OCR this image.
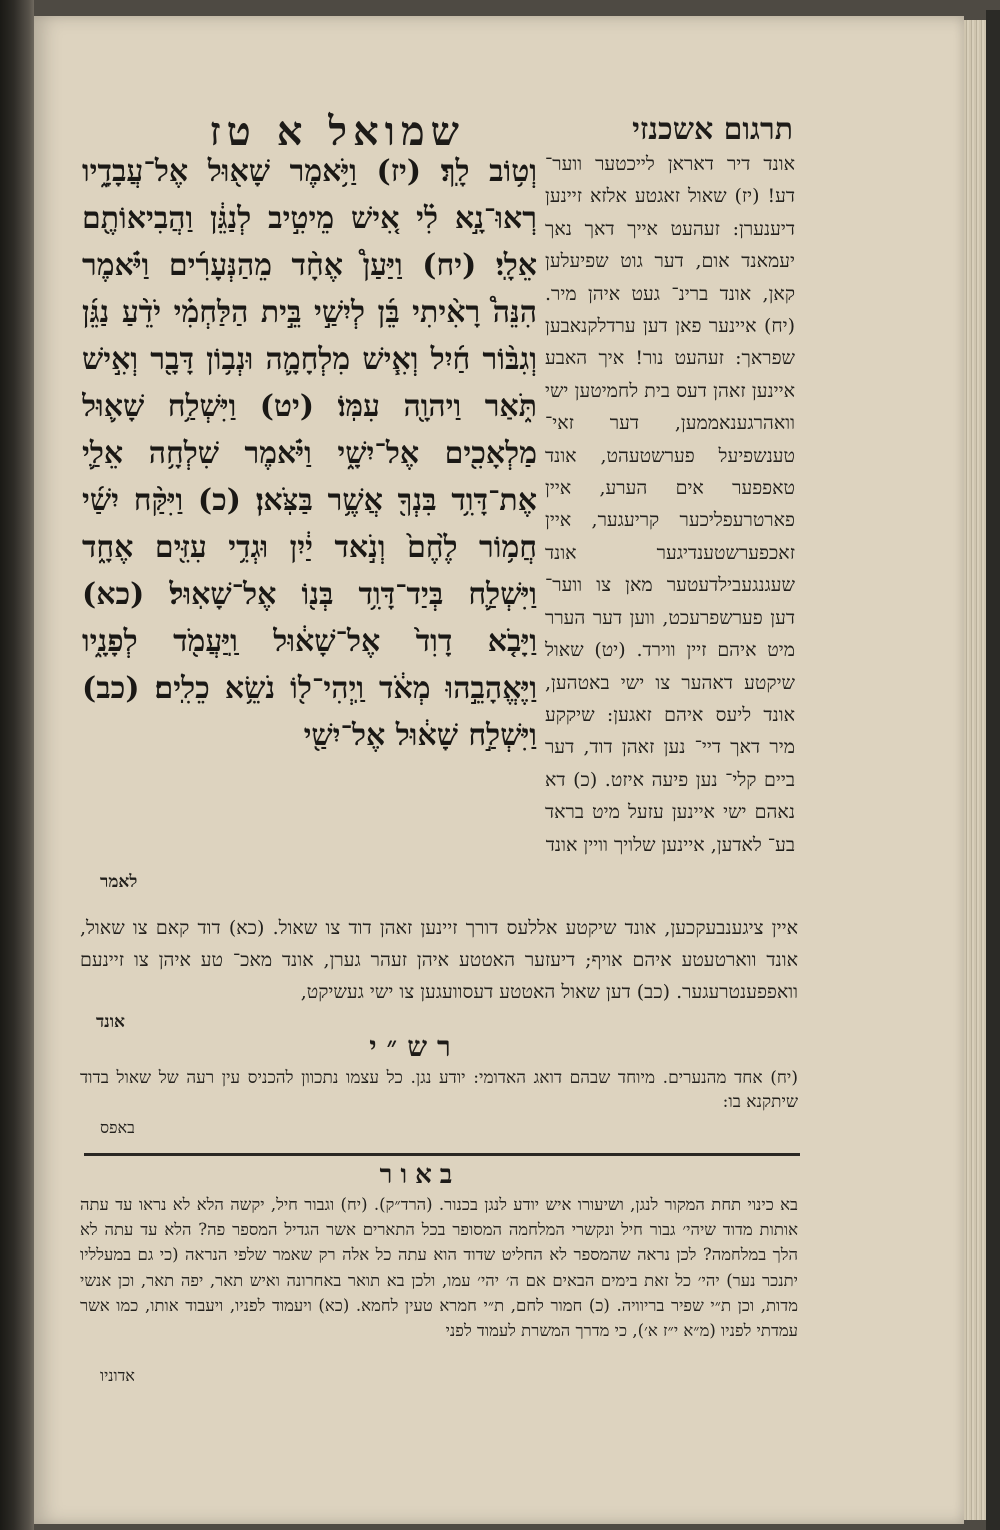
תרגום אשכנזי
שמואל א טז

אונד דיר דאראן לייכטער ווער־ דע! (יז) שאול זאגטע אלזא זיינען דיענערן: זעהעט אייך דאך נאך יעמאנד אום, דער גוט שפיעלען קאן, אונד ברינ־ געט איהן מיר. (יח) איינער פאן דען ערדלקנאבען שפראך: זעהעט נור! איך האבע איינען זאהן דעס בית לחמיטען ישי וואהרגענאממען, דער זאי־ טענשפיעל פערשטעהט, אונד טאפפער אים הערע, איין פארטרעפליכער קריעגער, איין זאכפערשטענדיגער אונד שעגנגעבילדעטער מאן צו ווער־ דען פערשפרעכט, ווען דער הערר מיט איהם זיין ווירד. (יט) שאול שיקטע דאהער צו ישי באטהען, אונד ליעס איהם זאגען: שיקקע מיר דאך דיי־ נען זאהן דוד, דער ביים קלי־ נען פיעה איזט. (כ) דא נאהם ישי איינען עזעל מיט בראד בע־ לאדען, איינען שלויך וויין אונד

וְט֥וֹב לָֽךְ׃ (יז) וַיֹּ֥אמֶר שָׁא֖וּל אֶל־עֲבָדָ֑יו רְאוּ־נָ֣א לִ֗י אִ֚ישׁ מֵיטִ֣יב לְנַגֵּ֔ן וַהֲבִיאוֹתֶ֖ם אֵלָֽי׃ (יח) וַיַּעַן֩ אֶחָ֨ד מֵהַנְּעָרִ֜ים וַיֹּ֗אמֶר הִנֵּה֩ רָאִ֨יתִי בֵּ֜ן לְיִשַׁ֣י בֵּ֣ית הַלַּחְמִ֗י יֹדֵ֨עַ נַגֵּ֜ן וְגִבּ֨וֹר חַ֜יִל וְאִ֧ישׁ מִלְחָמָ֛ה וּנְב֥וֹן דָּבָ֖ר וְאִ֣ישׁ תֹּ֑אַר וַיהוָ֖ה עִמּֽוֹ׃ (יט) וַיִּשְׁלַ֥ח שָׁא֛וּל מַלְאָכִ֖ים אֶל־יִשָׁ֑י וַיֹּ֗אמֶר שִׁלְחָ֥ה אֵלַ֛י אֶת־דָּוִ֥ד בִּנְךָ֖ אֲשֶׁ֥ר בַּצֹּֽאן׃ (כ) וַיִּקַּ֨ח יִשַׁ֜י חֲמ֥וֹר לֶ֙חֶם֙ וְנֹ֣אד יַ֔יִן וּגְדִ֥י עִזִּ֖ים אֶחָ֑ד וַיִּשְׁלַ֛ח בְּיַד־דָּוִ֥ד בְּנ֖וֹ אֶל־שָׁאֽוּל׃ (כא) וַיָּבֹ֤א דָוִד֙ אֶל־שָׁא֔וּל וַֽיַּעֲמֹ֖ד לְפָנָ֑יו וַיֶּאֱהָבֵ֣הוּ מְאֹ֔ד וַֽיְהִי־ל֖וֹ נֹשֵׂ֥א כֵלִֽים׃ (כב) וַיִּשְׁלַ֣ח שָׁא֔וּל אֶל־יִשַׁ֖י

לאמר

איין ציגענבעקכען, אונד שיקטע אללעס דורך זיינען זאהן דוד צו שאול. (כא) דוד קאם צו שאול, אונד ווארטעטע איהם אויף; דיעזער האטטע איהן זעהר גערן, אונד מאכ־ טע איהן צו זיינעם וואפפענטרעגער. (כב) דען שאול האטטע דעסוועגען צו ישי געשיקט,

אונד

רש״י

(יח) אחד מהנערים. מיוחד שבהם דואג האדומי: יודע נגן. כל עצמו נתכוון להכניס עין רעה של שאול בדוד שיתקנא בו:

באפס

באור

בא כינוי תחת המקור לנגן, ושיעורו איש יודע לנגן בכנור. (הרד״ק). (יח) וגבור חיל, יקשה הלא לא נראו עד עתה אותות מדוד שיהי׳ גבור חיל ונקשרי המלחמה המסופר בכל התארים אשר הגדיל המספר פה? הלא עד עתה לא הלך במלחמה? לכן נראה שהמספר לא החליט שדוד הוא עתה כל אלה רק שאמר שלפי הנראה (כי גם במעלליו יתנכר נער) יהי׳ כל זאת בימים הבאים אם ה׳ יהי׳ עמו, ולכן בא תואר באחרונה ואיש תאר, יפה תאר, וכן אנשי מדות, וכן ת״י שפיר בריוויה. (כ) חמור לחם, ת״י חמרא טעין לחמא. (כא) ויעמוד לפניו, ויעבוד אותו, כמו אשר עמדתי לפניו (מ״א י״ז א׳), כי מדרך המשרת לעמוד לפני

אדוניו
